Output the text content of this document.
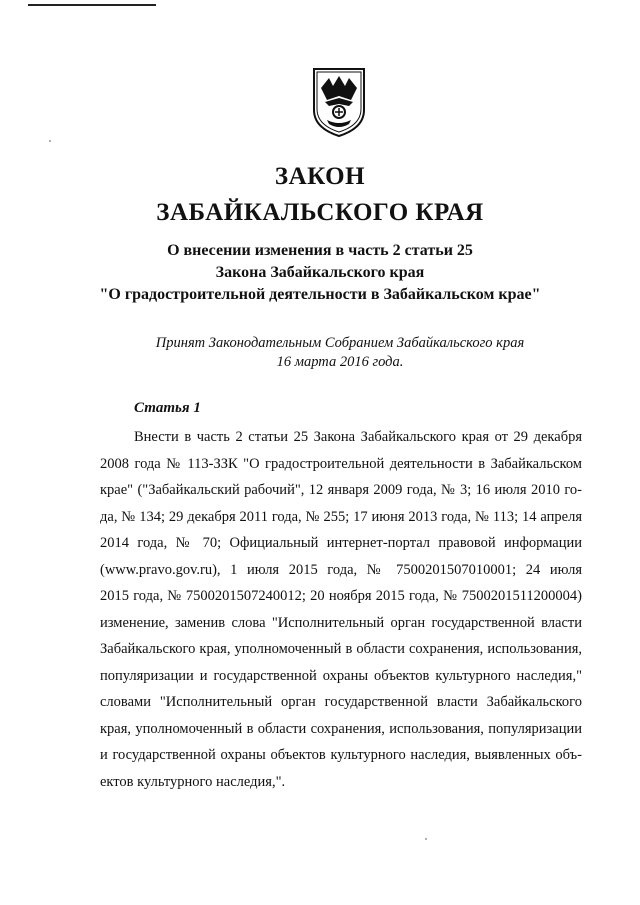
ЗАКОН
ЗАБАЙКАЛЬСКОГО КРАЯ
О внесении изменения в часть 2 статьи 25
Закона Забайкальского края
"О градостроительной деятельности в Забайкальском крае"
Принят Законодательным Собранием Забайкальского края
16 марта 2016 года.
Статья 1
Внести в часть 2 статьи 25 Закона Забайкальского края от 29 декабря
2008 года № 113-ЗЗК "О градостроительной деятельности в Забайкальском
крае" ("Забайкальский рабочий", 12 января 2009 года, № 3; 16 июля 2010 го-
да, № 134; 29 декабря 2011 года, № 255; 17 июня 2013 года, № 113; 14 апреля
2014 года, № 70; Официальный интернет-портал правовой информации
(www.pravo.gov.ru), 1 июля 2015 года, № 7500201507010001; 24 июля
2015 года, № 7500201507240012; 20 ноября 2015 года, № 7500201511200004)
изменение, заменив слова "Исполнительный орган государственной власти
Забайкальского края, уполномоченный в области сохранения, использования,
популяризации и государственной охраны объектов культурного наследия,"
словами "Исполнительный орган государственной власти Забайкальского
края, уполномоченный в области сохранения, использования, популяризации
и государственной охраны объектов культурного наследия, выявленных объ-
ектов культурного наследия,".
